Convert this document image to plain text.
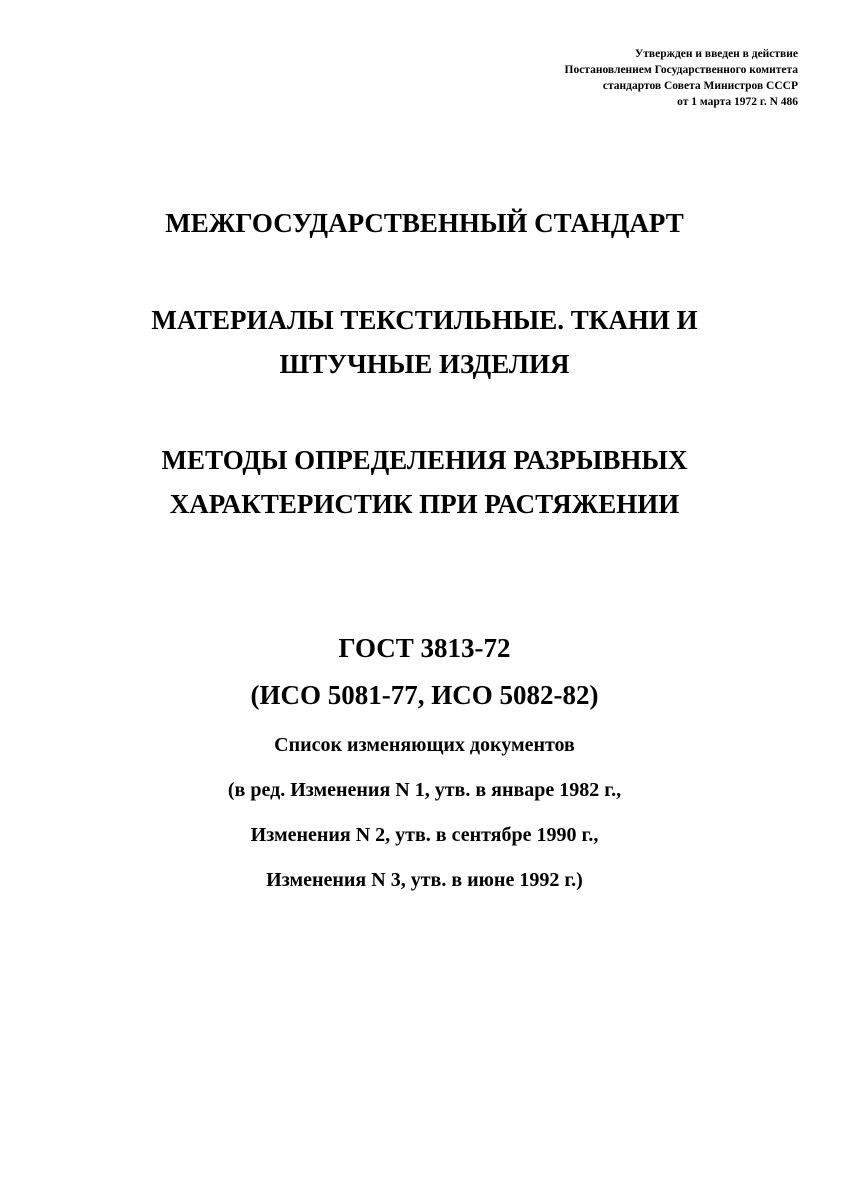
Утвержден и введен в действие
Постановлением Государственного комитета
стандартов Совета Министров СССР
от 1 марта 1972 г. N 486
МЕЖГОСУДАРСТВЕННЫЙ СТАНДАРТ
МАТЕРИАЛЫ ТЕКСТИЛЬНЫЕ. ТКАНИ И
ШТУЧНЫЕ ИЗДЕЛИЯ
МЕТОДЫ ОПРЕДЕЛЕНИЯ РАЗРЫВНЫХ
ХАРАКТЕРИСТИК ПРИ РАСТЯЖЕНИИ
ГОСТ 3813-72
(ИСО 5081-77, ИСО 5082-82)
Список изменяющих документов
(в ред. Изменения N 1, утв. в январе 1982 г.,
Изменения N 2, утв. в сентябре 1990 г.,
Изменения N 3, утв. в июне 1992 г.)
